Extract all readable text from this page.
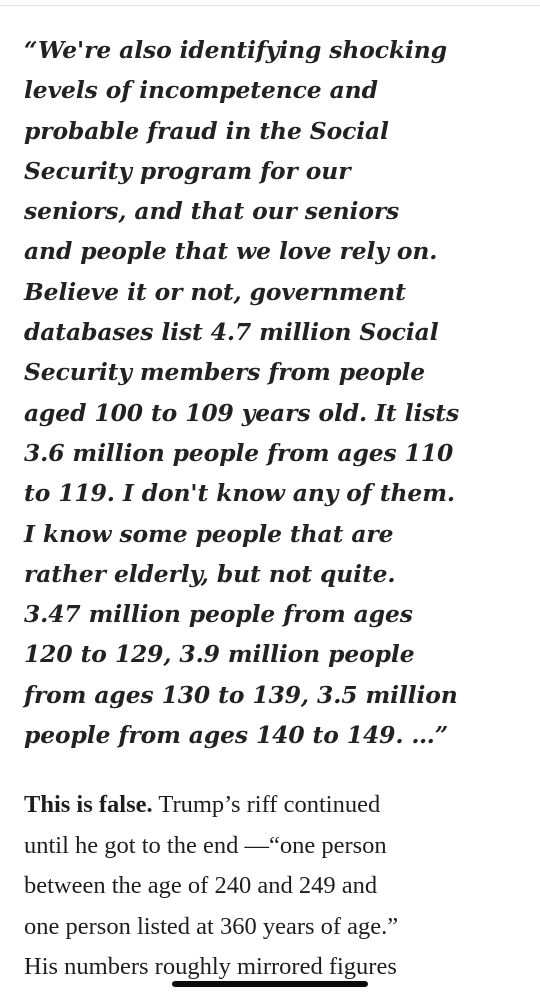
“We're also identifying shocking
levels of incompetence and
probable fraud in the Social
Security program for our
seniors, and that our seniors
and people that we love rely on.
Believe it or not, government
databases list 4.7 million Social
Security members from people
aged 100 to 109 years old. It lists
3.6 million people from ages 110
to 119. I don't know any of them.
I know some people that are
rather elderly, but not quite.
3.47 million people from ages
120 to 129, 3.9 million people
from ages 130 to 139, 3.5 million
people from ages 140 to 149. …”

This is false. Trump’s riff continued
until he got to the end —“one person
between the age of 240 and 249 and
one person listed at 360 years of age.”
His numbers roughly mirrored figures
